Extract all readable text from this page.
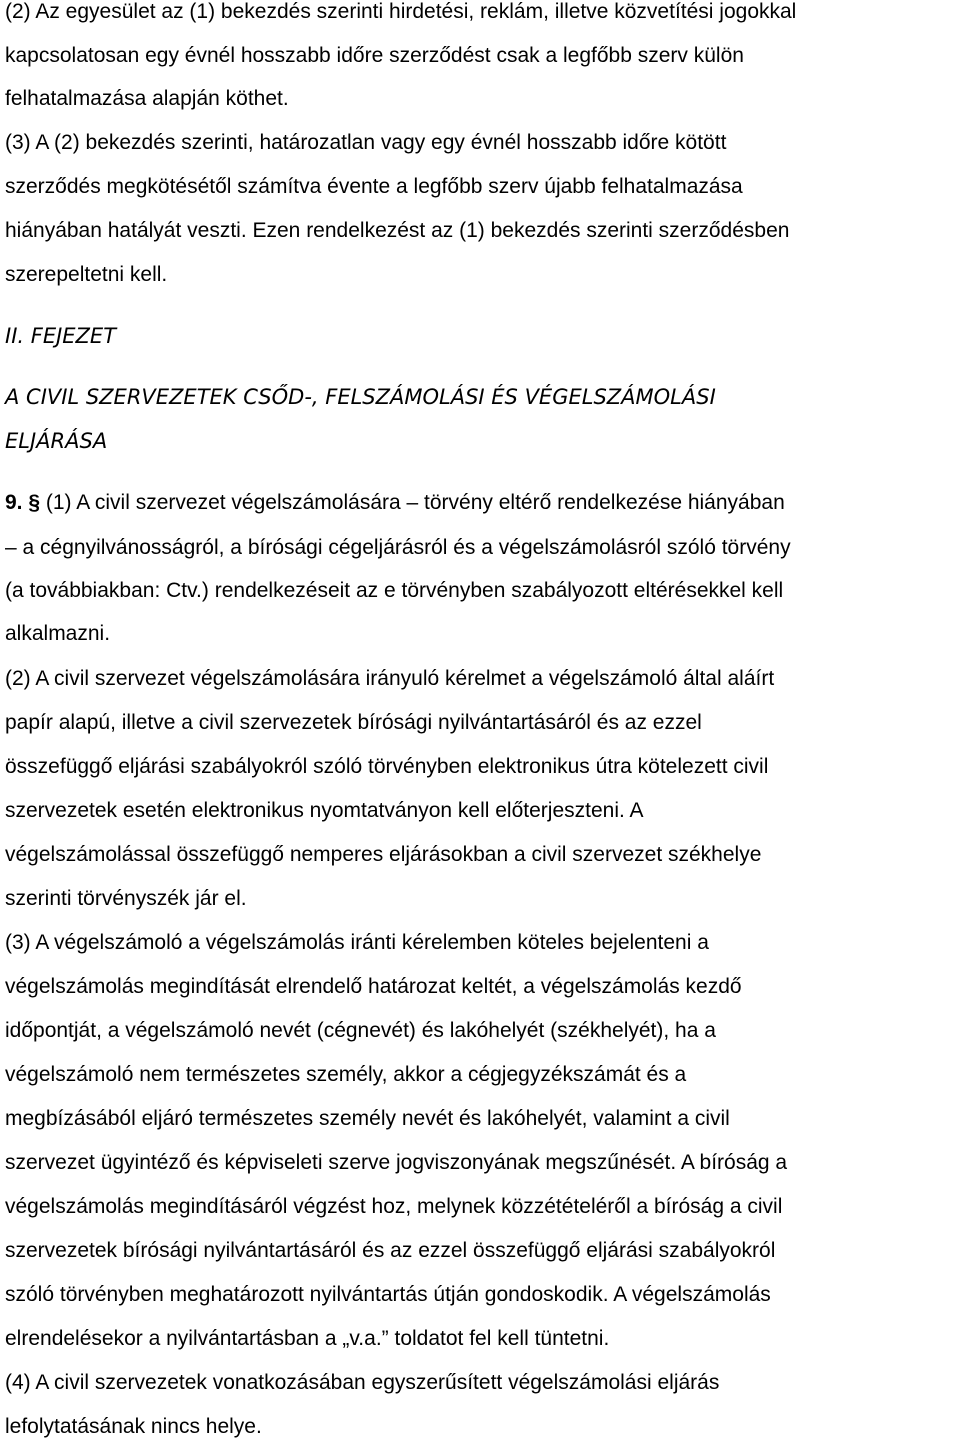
(2) Az egyesület az (1) bekezdés szerinti hirdetési, reklám, illetve közvetítési jogokkal
kapcsolatosan egy évnél hosszabb időre szerződést csak a legfőbb szerv külön
felhatalmazása alapján köthet.
(3) A (2) bekezdés szerinti, határozatlan vagy egy évnél hosszabb időre kötött
szerződés megkötésétől számítva évente a legfőbb szerv újabb felhatalmazása
hiányában hatályát veszti. Ezen rendelkezést az (1) bekezdés szerinti szerződésben
szerepeltetni kell.
II. FEJEZET
A CIVIL SZERVEZETEK CSŐD-, FELSZÁMOLÁSI ÉS VÉGELSZÁMOLÁSI
ELJÁRÁSA
9. § (1) A civil szervezet végelszámolására – törvény eltérő rendelkezése hiányában
– a cégnyilvánosságról, a bírósági cégeljárásról és a végelszámolásról szóló törvény
(a továbbiakban: Ctv.) rendelkezéseit az e törvényben szabályozott eltérésekkel kell
alkalmazni.
(2) A civil szervezet végelszámolására irányuló kérelmet a végelszámoló által aláírt
papír alapú, illetve a civil szervezetek bírósági nyilvántartásáról és az ezzel
összefüggő eljárási szabályokról szóló törvényben elektronikus útra kötelezett civil
szervezetek esetén elektronikus nyomtatványon kell előterjeszteni. A
végelszámolással összefüggő nemperes eljárásokban a civil szervezet székhelye
szerinti törvényszék jár el.
(3) A végelszámoló a végelszámolás iránti kérelemben köteles bejelenteni a
végelszámolás megindítását elrendelő határozat keltét, a végelszámolás kezdő
időpontját, a végelszámoló nevét (cégnevét) és lakóhelyét (székhelyét), ha a
végelszámoló nem természetes személy, akkor a cégjegyzékszámát és a
megbízásából eljáró természetes személy nevét és lakóhelyét, valamint a civil
szervezet ügyintéző és képviseleti szerve jogviszonyának megszűnését. A bíróság a
végelszámolás megindításáról végzést hoz, melynek közzétételéről a bíróság a civil
szervezetek bírósági nyilvántartásáról és az ezzel összefüggő eljárási szabályokról
szóló törvényben meghatározott nyilvántartás útján gondoskodik. A végelszámolás
elrendelésekor a nyilvántartásban a „v.a.” toldatot fel kell tüntetni.
(4) A civil szervezetek vonatkozásában egyszerűsített végelszámolási eljárás
lefolytatásának nincs helye.
